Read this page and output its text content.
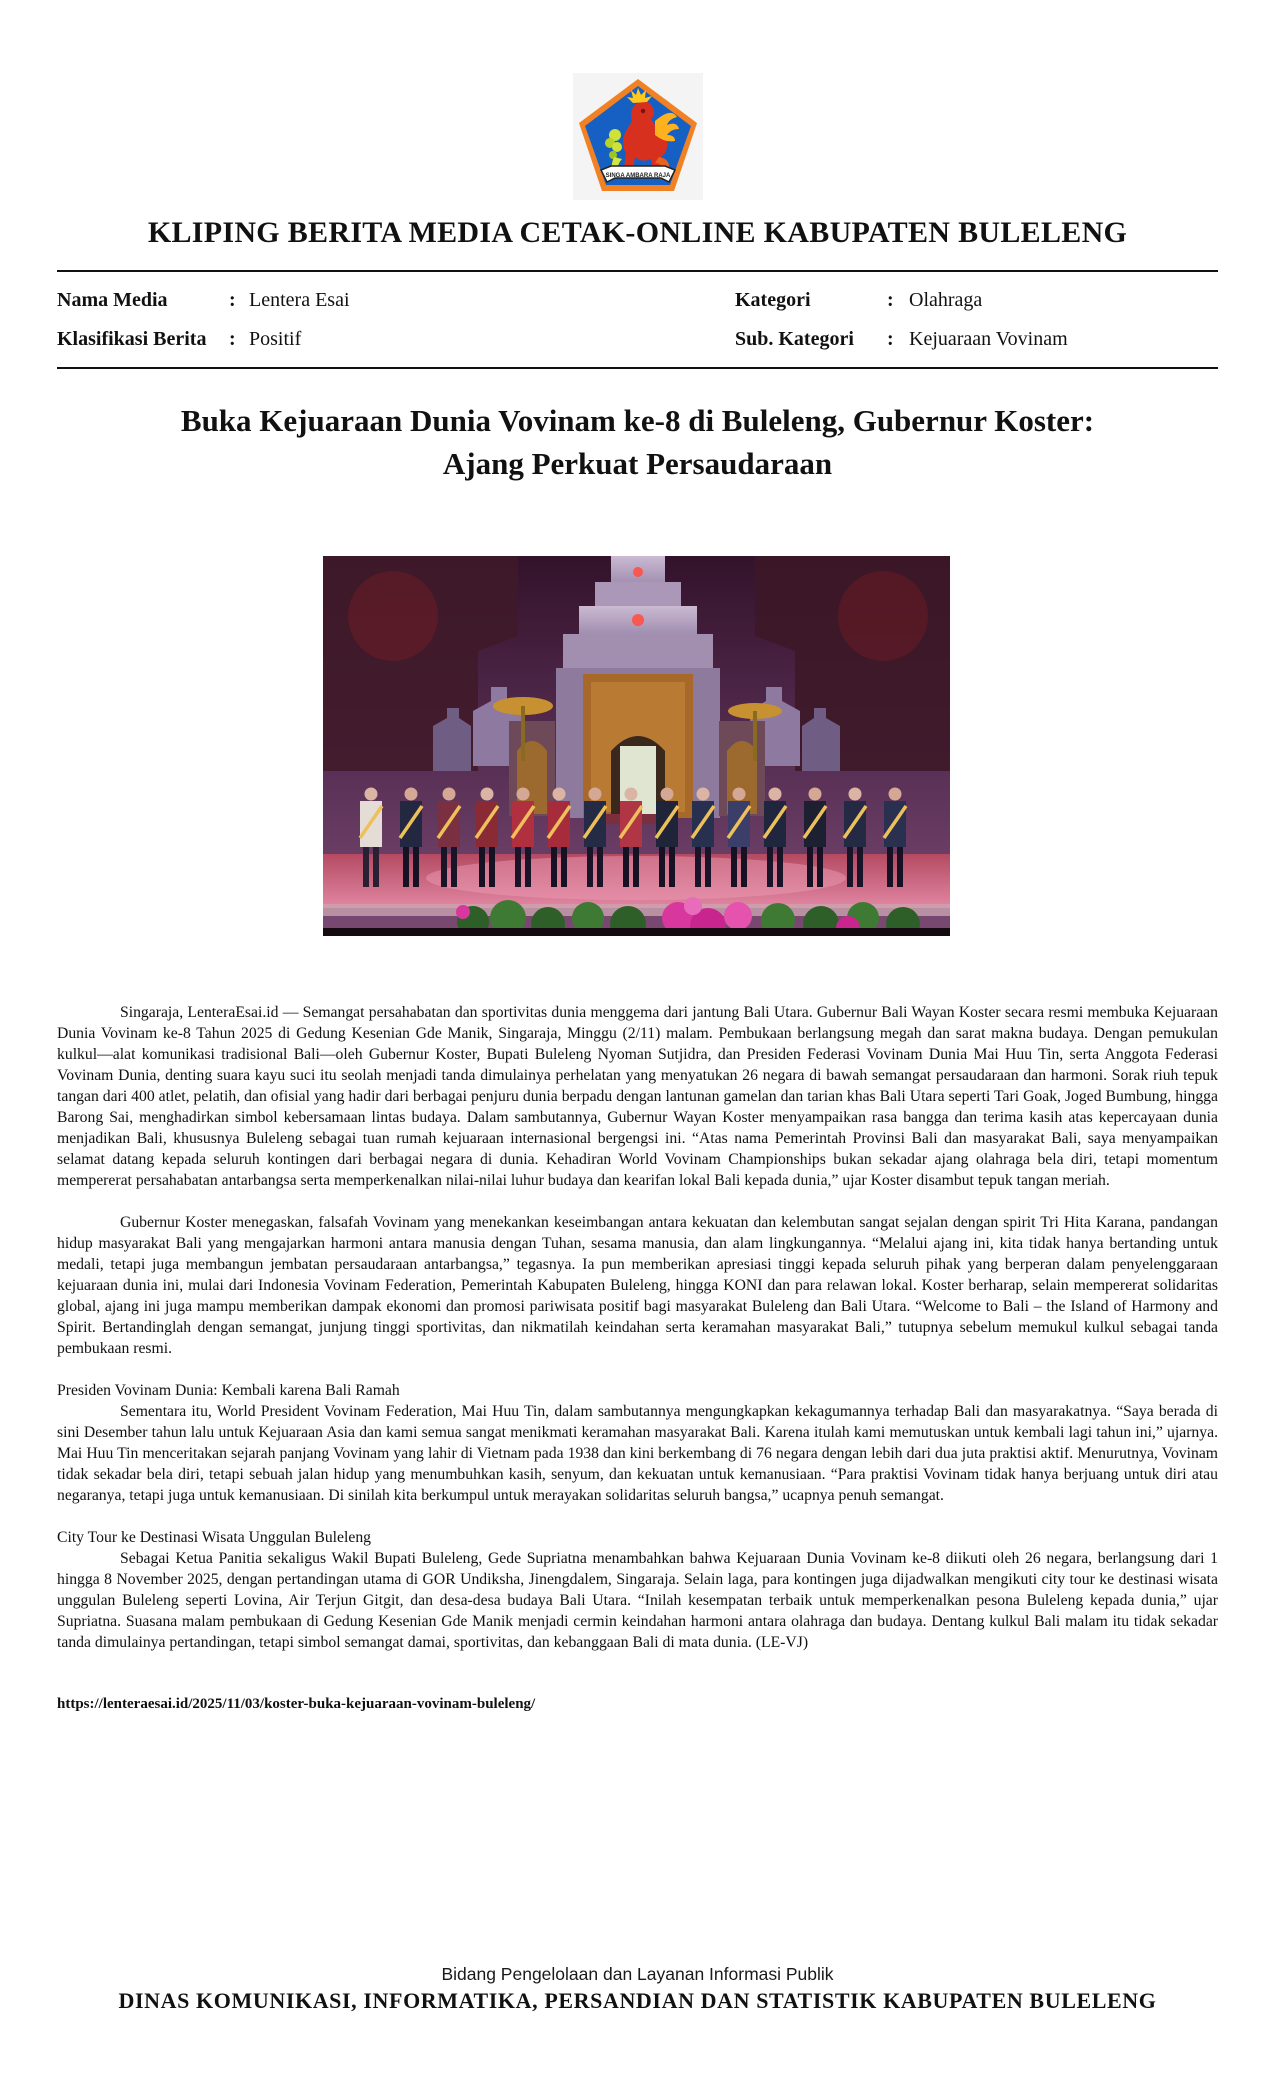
SINGA AMBARA RAJA
KLIPING BERITA MEDIA CETAK-ONLINE KABUPATEN BULELENG
Nama Media	: Lentera Esai	Kategori	: Olahraga
Klasifikasi Berita	: Positif	Sub. Kategori	: Kejuaraan Vovinam
Buka Kejuaraan Dunia Vovinam ke-8 di Buleleng, Gubernur Koster:
Ajang Perkuat Persaudaraan

Singaraja, LenteraEsai.id — Semangat persahabatan dan sportivitas dunia menggema dari jantung Bali Utara. Gubernur Bali Wayan Koster secara resmi membuka Kejuaraan Dunia Vovinam ke-8 Tahun 2025 di Gedung Kesenian Gde Manik, Singaraja, Minggu (2/11) malam. Pembukaan berlangsung megah dan sarat makna budaya. Dengan pemukulan kulkul—alat komunikasi tradisional Bali—oleh Gubernur Koster, Bupati Buleleng Nyoman Sutjidra, dan Presiden Federasi Vovinam Dunia Mai Huu Tin, serta Anggota Federasi Vovinam Dunia, denting suara kayu suci itu seolah menjadi tanda dimulainya perhelatan yang menyatukan 26 negara di bawah semangat persaudaraan dan harmoni. Sorak riuh tepuk tangan dari 400 atlet, pelatih, dan ofisial yang hadir dari berbagai penjuru dunia berpadu dengan lantunan gamelan dan tarian khas Bali Utara seperti Tari Goak, Joged Bumbung, hingga Barong Sai, menghadirkan simbol kebersamaan lintas budaya. Dalam sambutannya, Gubernur Wayan Koster menyampaikan rasa bangga dan terima kasih atas kepercayaan dunia menjadikan Bali, khususnya Buleleng sebagai tuan rumah kejuaraan internasional bergengsi ini. “Atas nama Pemerintah Provinsi Bali dan masyarakat Bali, saya menyampaikan selamat datang kepada seluruh kontingen dari berbagai negara di dunia. Kehadiran World Vovinam Championships bukan sekadar ajang olahraga bela diri, tetapi momentum mempererat persahabatan antarbangsa serta memperkenalkan nilai-nilai luhur budaya dan kearifan lokal Bali kepada dunia,” ujar Koster disambut tepuk tangan meriah.

Gubernur Koster menegaskan, falsafah Vovinam yang menekankan keseimbangan antara kekuatan dan kelembutan sangat sejalan dengan spirit Tri Hita Karana, pandangan hidup masyarakat Bali yang mengajarkan harmoni antara manusia dengan Tuhan, sesama manusia, dan alam lingkungannya. “Melalui ajang ini, kita tidak hanya bertanding untuk medali, tetapi juga membangun jembatan persaudaraan antarbangsa,” tegasnya. Ia pun memberikan apresiasi tinggi kepada seluruh pihak yang berperan dalam penyelenggaraan kejuaraan dunia ini, mulai dari Indonesia Vovinam Federation, Pemerintah Kabupaten Buleleng, hingga KONI dan para relawan lokal. Koster berharap, selain mempererat solidaritas global, ajang ini juga mampu memberikan dampak ekonomi dan promosi pariwisata positif bagi masyarakat Buleleng dan Bali Utara. “Welcome to Bali – the Island of Harmony and Spirit. Bertandinglah dengan semangat, junjung tinggi sportivitas, dan nikmatilah keindahan serta keramahan masyarakat Bali,” tutupnya sebelum memukul kulkul sebagai tanda pembukaan resmi.

Presiden Vovinam Dunia: Kembali karena Bali Ramah

Sementara itu, World President Vovinam Federation, Mai Huu Tin, dalam sambutannya mengungkapkan kekagumannya terhadap Bali dan masyarakatnya. “Saya berada di sini Desember tahun lalu untuk Kejuaraan Asia dan kami semua sangat menikmati keramahan masyarakat Bali. Karena itulah kami memutuskan untuk kembali lagi tahun ini,” ujarnya. Mai Huu Tin menceritakan sejarah panjang Vovinam yang lahir di Vietnam pada 1938 dan kini berkembang di 76 negara dengan lebih dari dua juta praktisi aktif. Menurutnya, Vovinam tidak sekadar bela diri, tetapi sebuah jalan hidup yang menumbuhkan kasih, senyum, dan kekuatan untuk kemanusiaan. “Para praktisi Vovinam tidak hanya berjuang untuk diri atau negaranya, tetapi juga untuk kemanusiaan. Di sinilah kita berkumpul untuk merayakan solidaritas seluruh bangsa,” ucapnya penuh semangat.

City Tour ke Destinasi Wisata Unggulan Buleleng

Sebagai Ketua Panitia sekaligus Wakil Bupati Buleleng, Gede Supriatna menambahkan bahwa Kejuaraan Dunia Vovinam ke-8 diikuti oleh 26 negara, berlangsung dari 1 hingga 8 November 2025, dengan pertandingan utama di GOR Undiksha, Jinengdalem, Singaraja. Selain laga, para kontingen juga dijadwalkan mengikuti city tour ke destinasi wisata unggulan Buleleng seperti Lovina, Air Terjun Gitgit, dan desa-desa budaya Bali Utara. “Inilah kesempatan terbaik untuk memperkenalkan pesona Buleleng kepada dunia,” ujar Supriatna. Suasana malam pembukaan di Gedung Kesenian Gde Manik menjadi cermin keindahan harmoni antara olahraga dan budaya. Dentang kulkul Bali malam itu tidak sekadar tanda dimulainya pertandingan, tetapi simbol semangat damai, sportivitas, dan kebanggaan Bali di mata dunia. (LE-VJ)

https://lenteraesai.id/2025/11/03/koster-buka-kejuaraan-vovinam-buleleng/
Bidang Pengelolaan dan Layanan Informasi Publik
DINAS KOMUNIKASI, INFORMATIKA, PERSANDIAN DAN STATISTIK KABUPATEN BULELENG
